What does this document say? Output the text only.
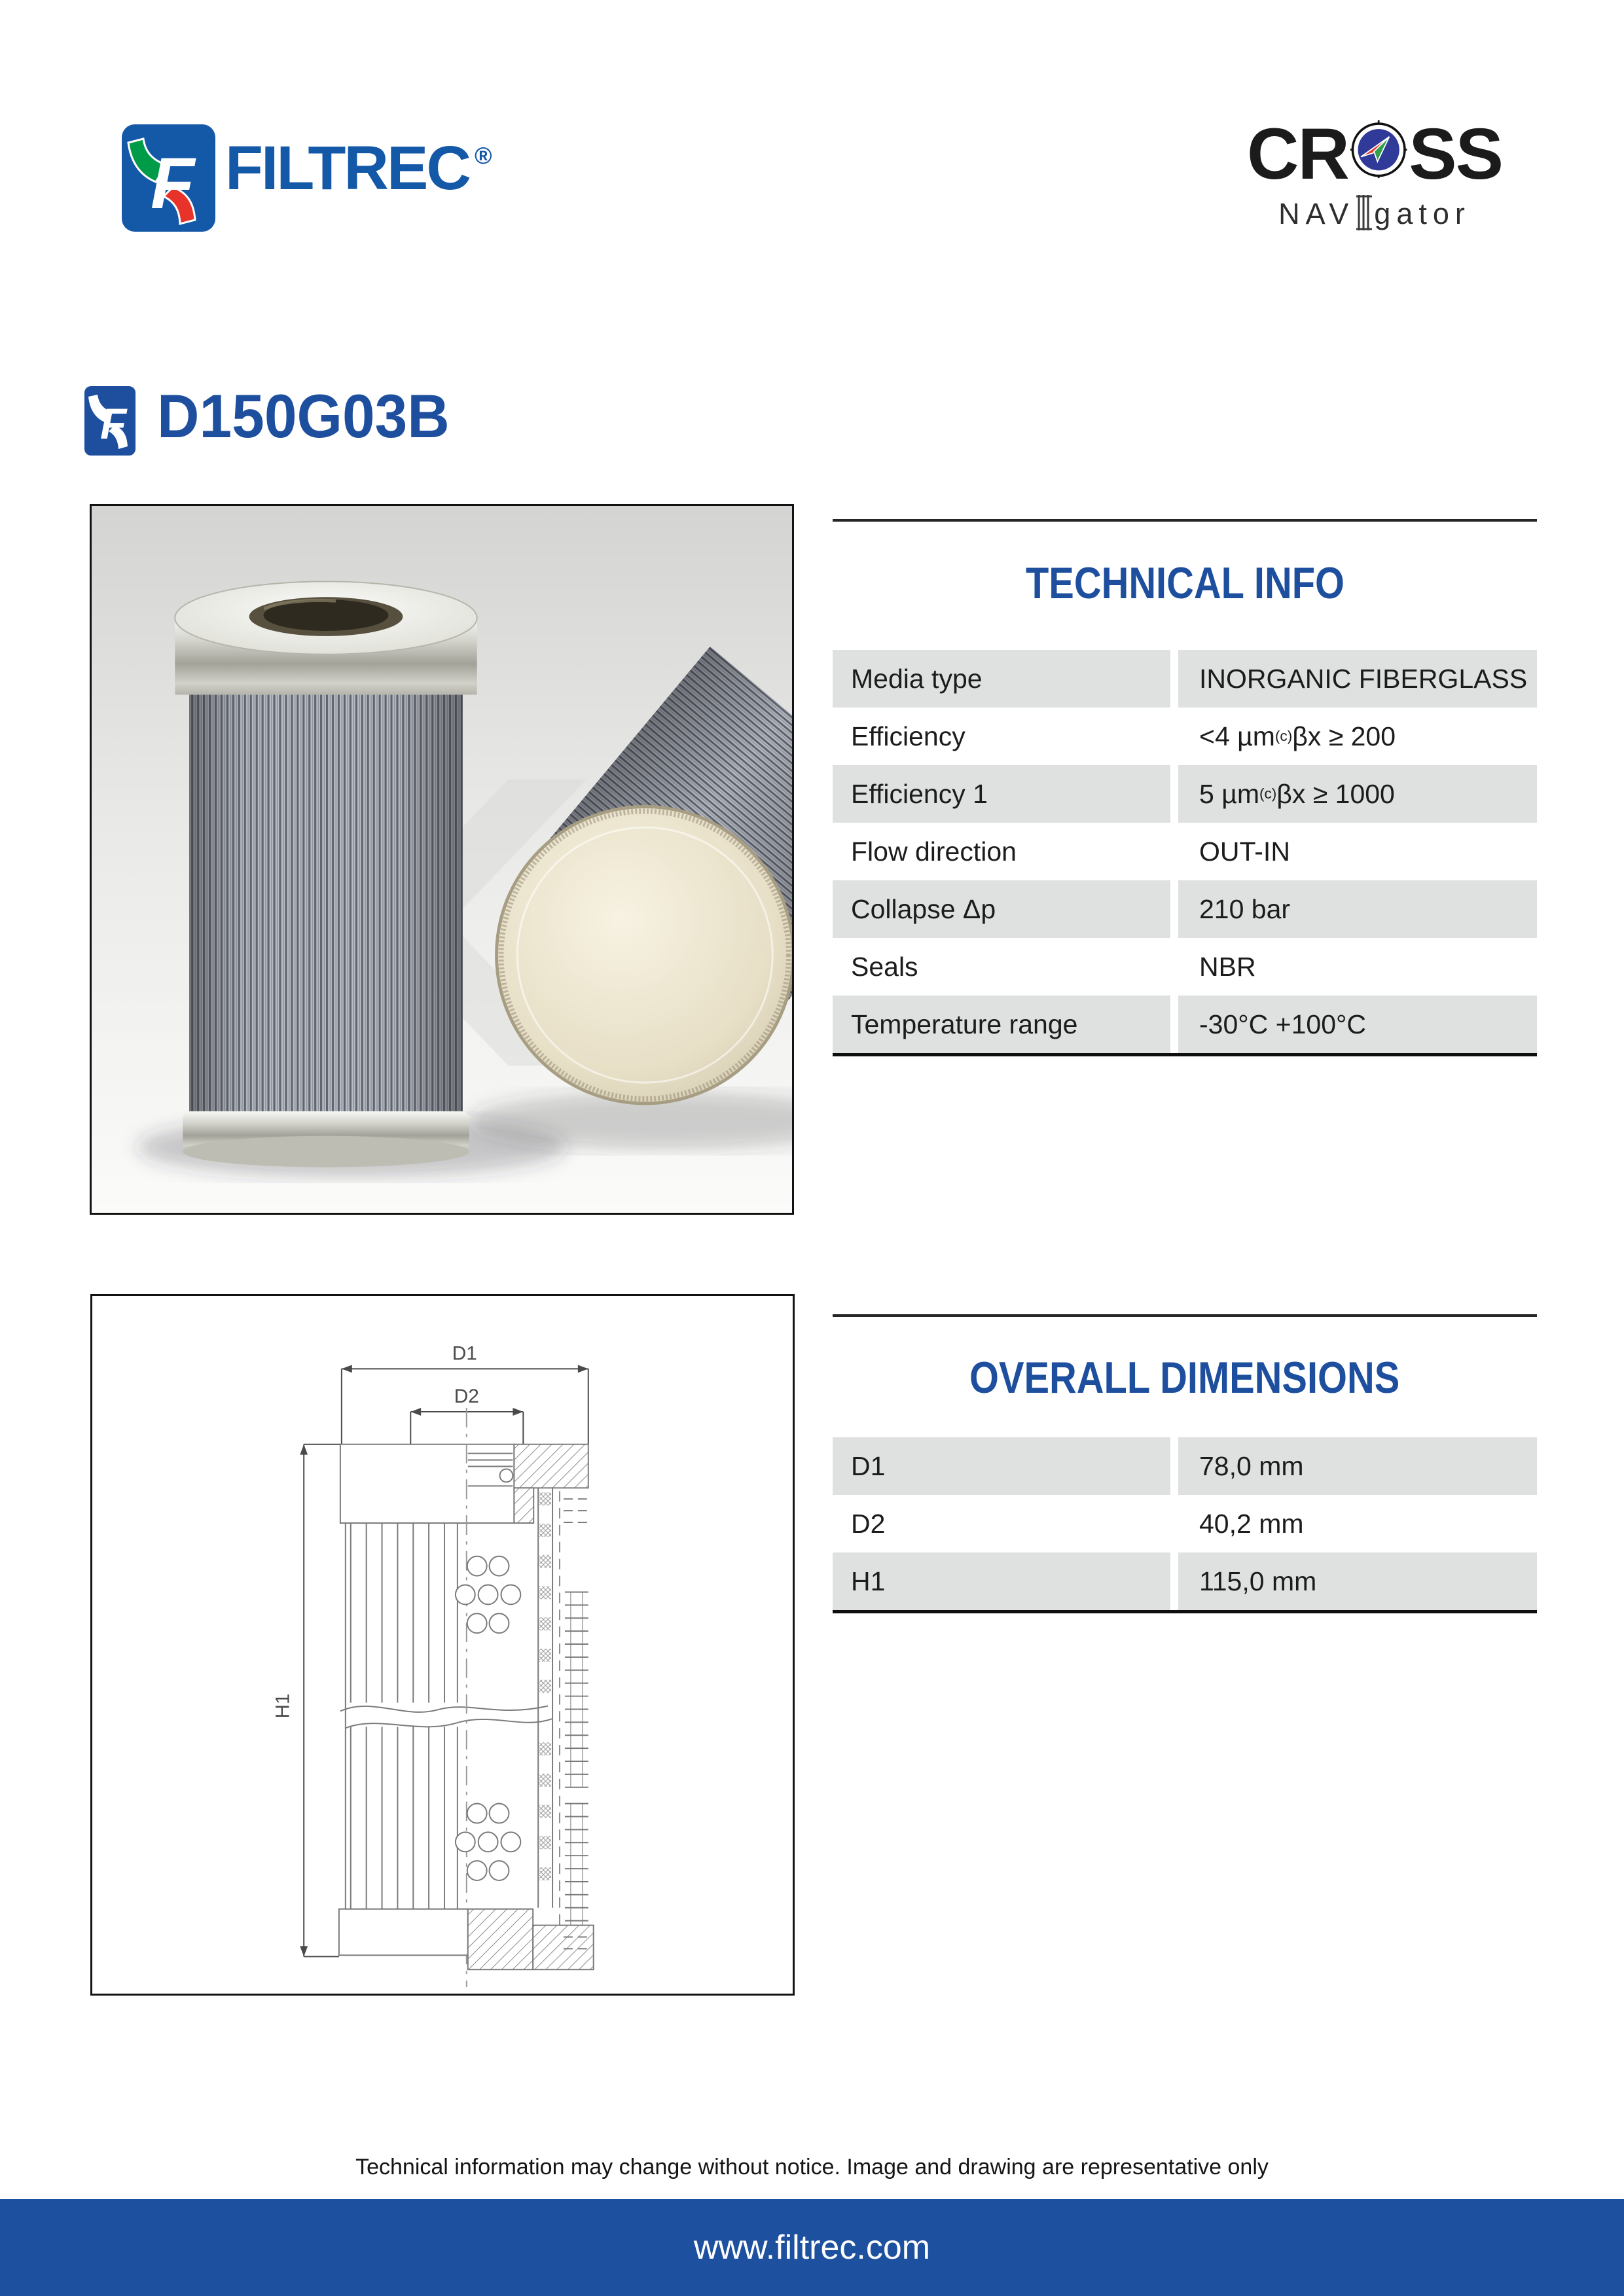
F FILTREC ®	CR SS
NAV gator
F D150G03B
TECHNICAL INFO
Media type	INORGANIC FIBERGLASS
Efficiency	<4 µm (c) βx ≥ 200
Efficiency 1	5 µm (c) βx ≥ 1000
Flow direction	OUT-IN
Collapse Δp	210 bar
Seals	NBR
Temperature range	-30°C +100°C
D1
D2
H1
OVERALL DIMENSIONS
D1	78,0 mm
D2	40,2 mm
H1	115,0 mm
Technical information may change without notice. Image and drawing are representative only
www.filtrec.com
